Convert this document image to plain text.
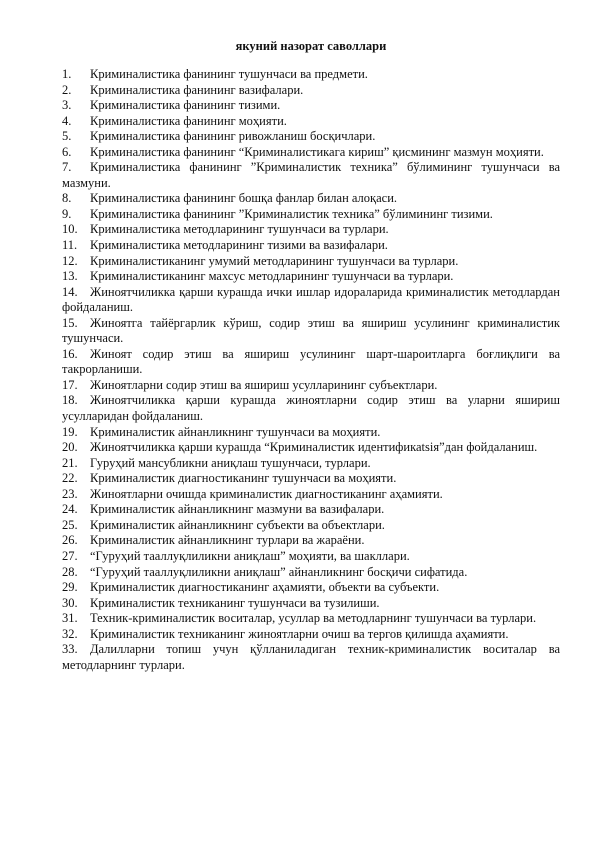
якуний назорат саволлари
1. Криминалистика фанининг тушунчаси ва предмети.
2. Криминалистика фанининг вазифалари.
3. Криминалистика фанининг тизими.
4. Криминалистика фанининг моҳияти.
5. Криминалистика фанининг ривожланиш босқичлари.
6. Криминалистика фанининг “Криминалистикага кириш” қисмининг мазмун моҳияти.
7. Криминалистика фанининг ”Криминалистик техника” бўлимининг тушунчаси ва мазмуни.
8. Криминалистика фанининг бошқа фанлар билан алоқаси.
9. Криминалистика фанининг ”Криминалистик техника” бўлимининг тизими.
10. Криминалистика методларининг тушунчаси ва турлари.
11. Криминалистика методларининг тизими ва вазифалари.
12. Криминалистиканинг умумий методларининг тушунчаси ва турлари.
13. Криминалистиканинг махсус методларининг тушунчаси ва турлари.
14. Жиноятчиликка қарши курашда ички ишлар идораларида криминалистик методлардан фойдаланиш.
15. Жиноятга тайёргарлик кўриш, содир этиш ва яшириш усулининг криминалистик тушунчаси.
16. Жиноят содир этиш ва яшириш усулининг шарт-шароитларга боғлиқлиги ва такрорланиши.
17. Жиноятларни содир этиш ва яшириш усулларининг субъектлари.
18. Жиноятчиликка қарши курашда жиноятларни содир этиш ва уларни яшириш усулларидан фойдаланиш.
19. Криминалистик айнанликнинг тушунчаси ва моҳияти.
20. Жиноятчиликка қарши курашда “Криминалистик идентификаtsія”дан фойдаланиш.
21. Гуруҳий мансубликни аниқлаш тушунчаси, турлари.
22. Криминалистик диагностиканинг тушунчаси ва моҳияти.
23. Жиноятларни очишда криминалистик диагностиканинг аҳамияти.
24. Криминалистик айнанликнинг мазмуни ва вазифалари.
25. Криминалистик айнанликнинг субъекти ва объектлари.
26. Криминалистик айнанликнинг турлари ва жараёни.
27. “Гуруҳий тааллуқлиликни аниқлаш” моҳияти, ва шакллари.
28. “Гуруҳий тааллуқлиликни аниқлаш” айнанликнинг босқичи сифатида.
29. Криминалистик диагностиканинг аҳамияти, объекти ва субъекти.
30. Криминалистик техниканинг тушунчаси ва тузилиши.
31. Техник-криминалистик воситалар, усуллар ва методларнинг тушунчаси ва турлари.
32. Криминалистик техниканинг жиноятларни очиш ва тергов қилишда аҳамияти.
33. Далилларни топиш учун қўлланиладиган техник-криминалистик воситалар ва методларнинг турлари.
